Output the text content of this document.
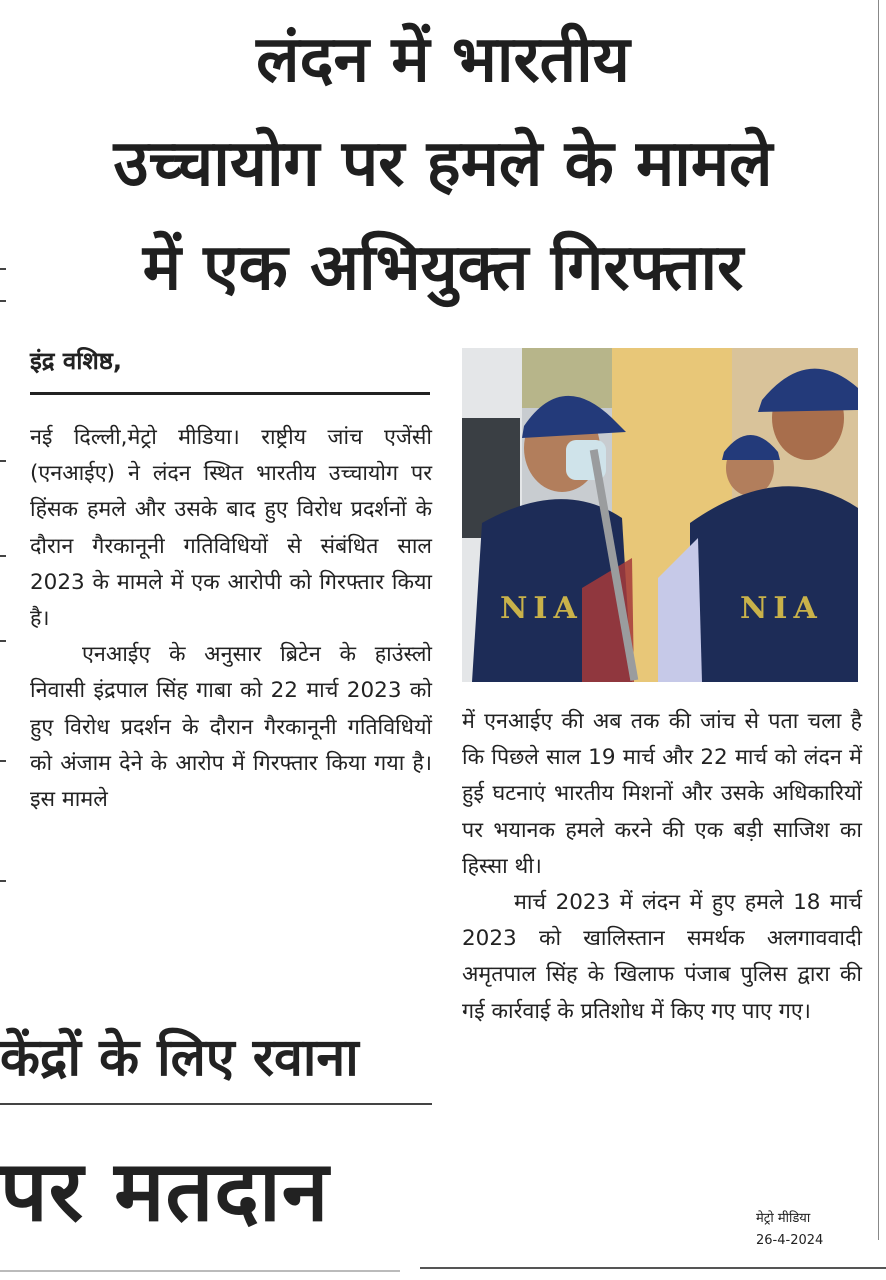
लंदन में भारतीय
उच्चायोग पर हमले के मामले
में एक अभियुक्त गिरफ्तार
इंद्र वशिष्ठ,

नई दिल्ली,मेट्रो मीडिया। राष्ट्रीय जांच एजेंसी (एनआईए) ने लंदन स्थित भारतीय उच्चायोग पर हिंसक हमले और उसके बाद हुए विरोध प्रदर्शनों के दौरान गैरकानूनी गतिविधियों से संबंधित साल 2023 के मामले में एक आरोपी को गिरफ्तार किया है।

एनआईए के अनुसार ब्रिटेन के हाउंस्लो निवासी इंद्रपाल सिंह गाबा को 22 मार्च 2023 को हुए विरोध प्रदर्शन के दौरान गैरकानूनी गतिविधियों को अंजाम देने के आरोप में गिरफ्तार किया गया है। इस मामले

NIA	NIA

में एनआईए की अब तक की जांच से पता चला है कि पिछले साल 19 मार्च और 22 मार्च को लंदन में हुई घटनाएं भारतीय मिशनों और उसके अधिकारियों पर भयानक हमले करने की एक बड़ी साजिश का हिस्सा थी।

मार्च 2023 में लंदन में हुए हमले 18 मार्च 2023 को खालिस्तान समर्थक अलगाववादी अमृतपाल सिंह के खिलाफ पंजाब पुलिस द्वारा की गई कार्रवाई के प्रतिशोध में किए गए पाए गए।

केंद्रों के लिए रवाना
पर मतदान	मेट्रो मीडिया
26-4-2024
